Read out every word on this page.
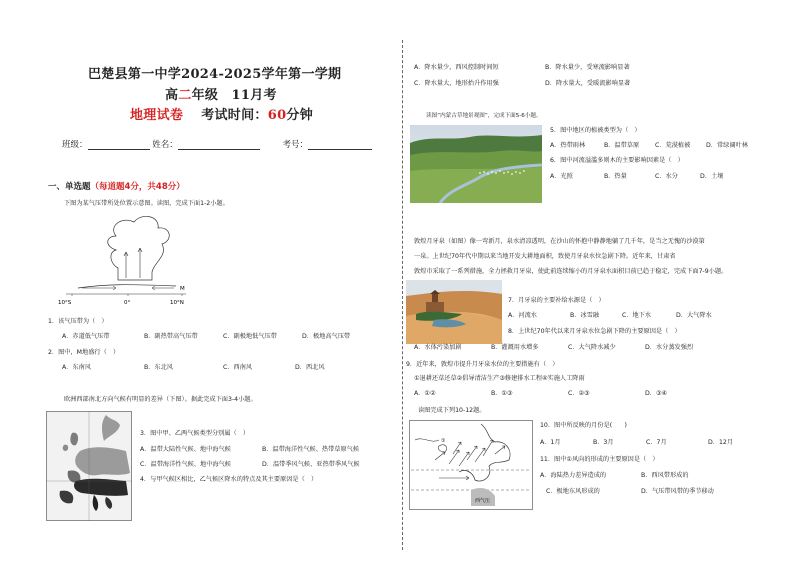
巴楚县第一中学2024-2025学年第一学期
高二年级　11月考
地理试卷 考试时间：60分钟
班级：	姓名：	考号：
一、单选题（每道题4分，共48分）
下图为某气压带所处位置示意图。读图，完成下面1-2小题。
M
10°S	0°	10°N
1．该气压带为（　）
A．赤道低气压带	B．副热带高气压带	C．副极地低气压带	D．极地高气压带
2．图中，M地盛行（　）
A．东南风	B．东北风	C．西南风	D．西北风
欧洲西部南北方向气候有明显的差异（下图）。据此完成下面3-4小题。
3．图中甲、乙两气候类型分别属（　）
A．温带大陆性气候、地中海气候	B．温带海洋性气候、热带草原气候
C．温带海洋性气候、地中海气候	D．温带季风气候、亚热带季风气候
4．与甲气候区相比，乙气候区降水的特点及其主要原因是（　）
A．降水量少，西风控制时间短	B．降水量少，受寒流影响显著
C．降水量大，地形抬升作用强	D．降水量大，受暖流影响显著
读图“内蒙古草地景观图”，完成下面5-6小题。
5．图中地区的植被类型为（　）
A．热带雨林	B．温带草原	C．荒漠植被	D．常绿阔叶林
6．图中河流溢滥多则木的主要影响因素是（　）
A．光照	B．热量	C．水分	D．土壤
敦煌月牙泉（如图）像一弯新月，泉水清凉透明，在沙山的怀抱中静静地躺了几千年，是当之无愧的沙漠第
一泉。上世纪70年代中期以来当地开发大耕地面积，致使月牙泉水位急剧下降。近年来，甘肃省
敦煌市采取了一系列措施，全力拯救月牙泉，使此前连续缩小的月牙泉水面积目前已趋于稳定，完成下面7-9小题。
7．月牙泉的主要补给水源是（　）
A．河流水	B．冰雪融	C．地下水	D．大气降水
8．上世纪70年代以来月牙泉水位急剧下降的主要原因是（　）
A．水体污染加剧	B．灌溉用水增多	C．大气降水减少	D．水分蒸发强烈
9．近年来，敦煌市提升月牙泉水位的主要措施有（　）
①退耕还草还草②倡导清洁生产③修建排水工程④实施人工降雨
A．①②	B．①③	C．②③	D．③④
读图完成下列10-12题。
①
西气压
10．图中所反映的月份是(　　)
A．1月	B．3月	C．7月	D．12月
11．图中①风向的形成的主要原因是（　）
A．海陆热力差异造成的	B．西风带形成的
C．极地东风形成的	D．气压带风带的季节移动
